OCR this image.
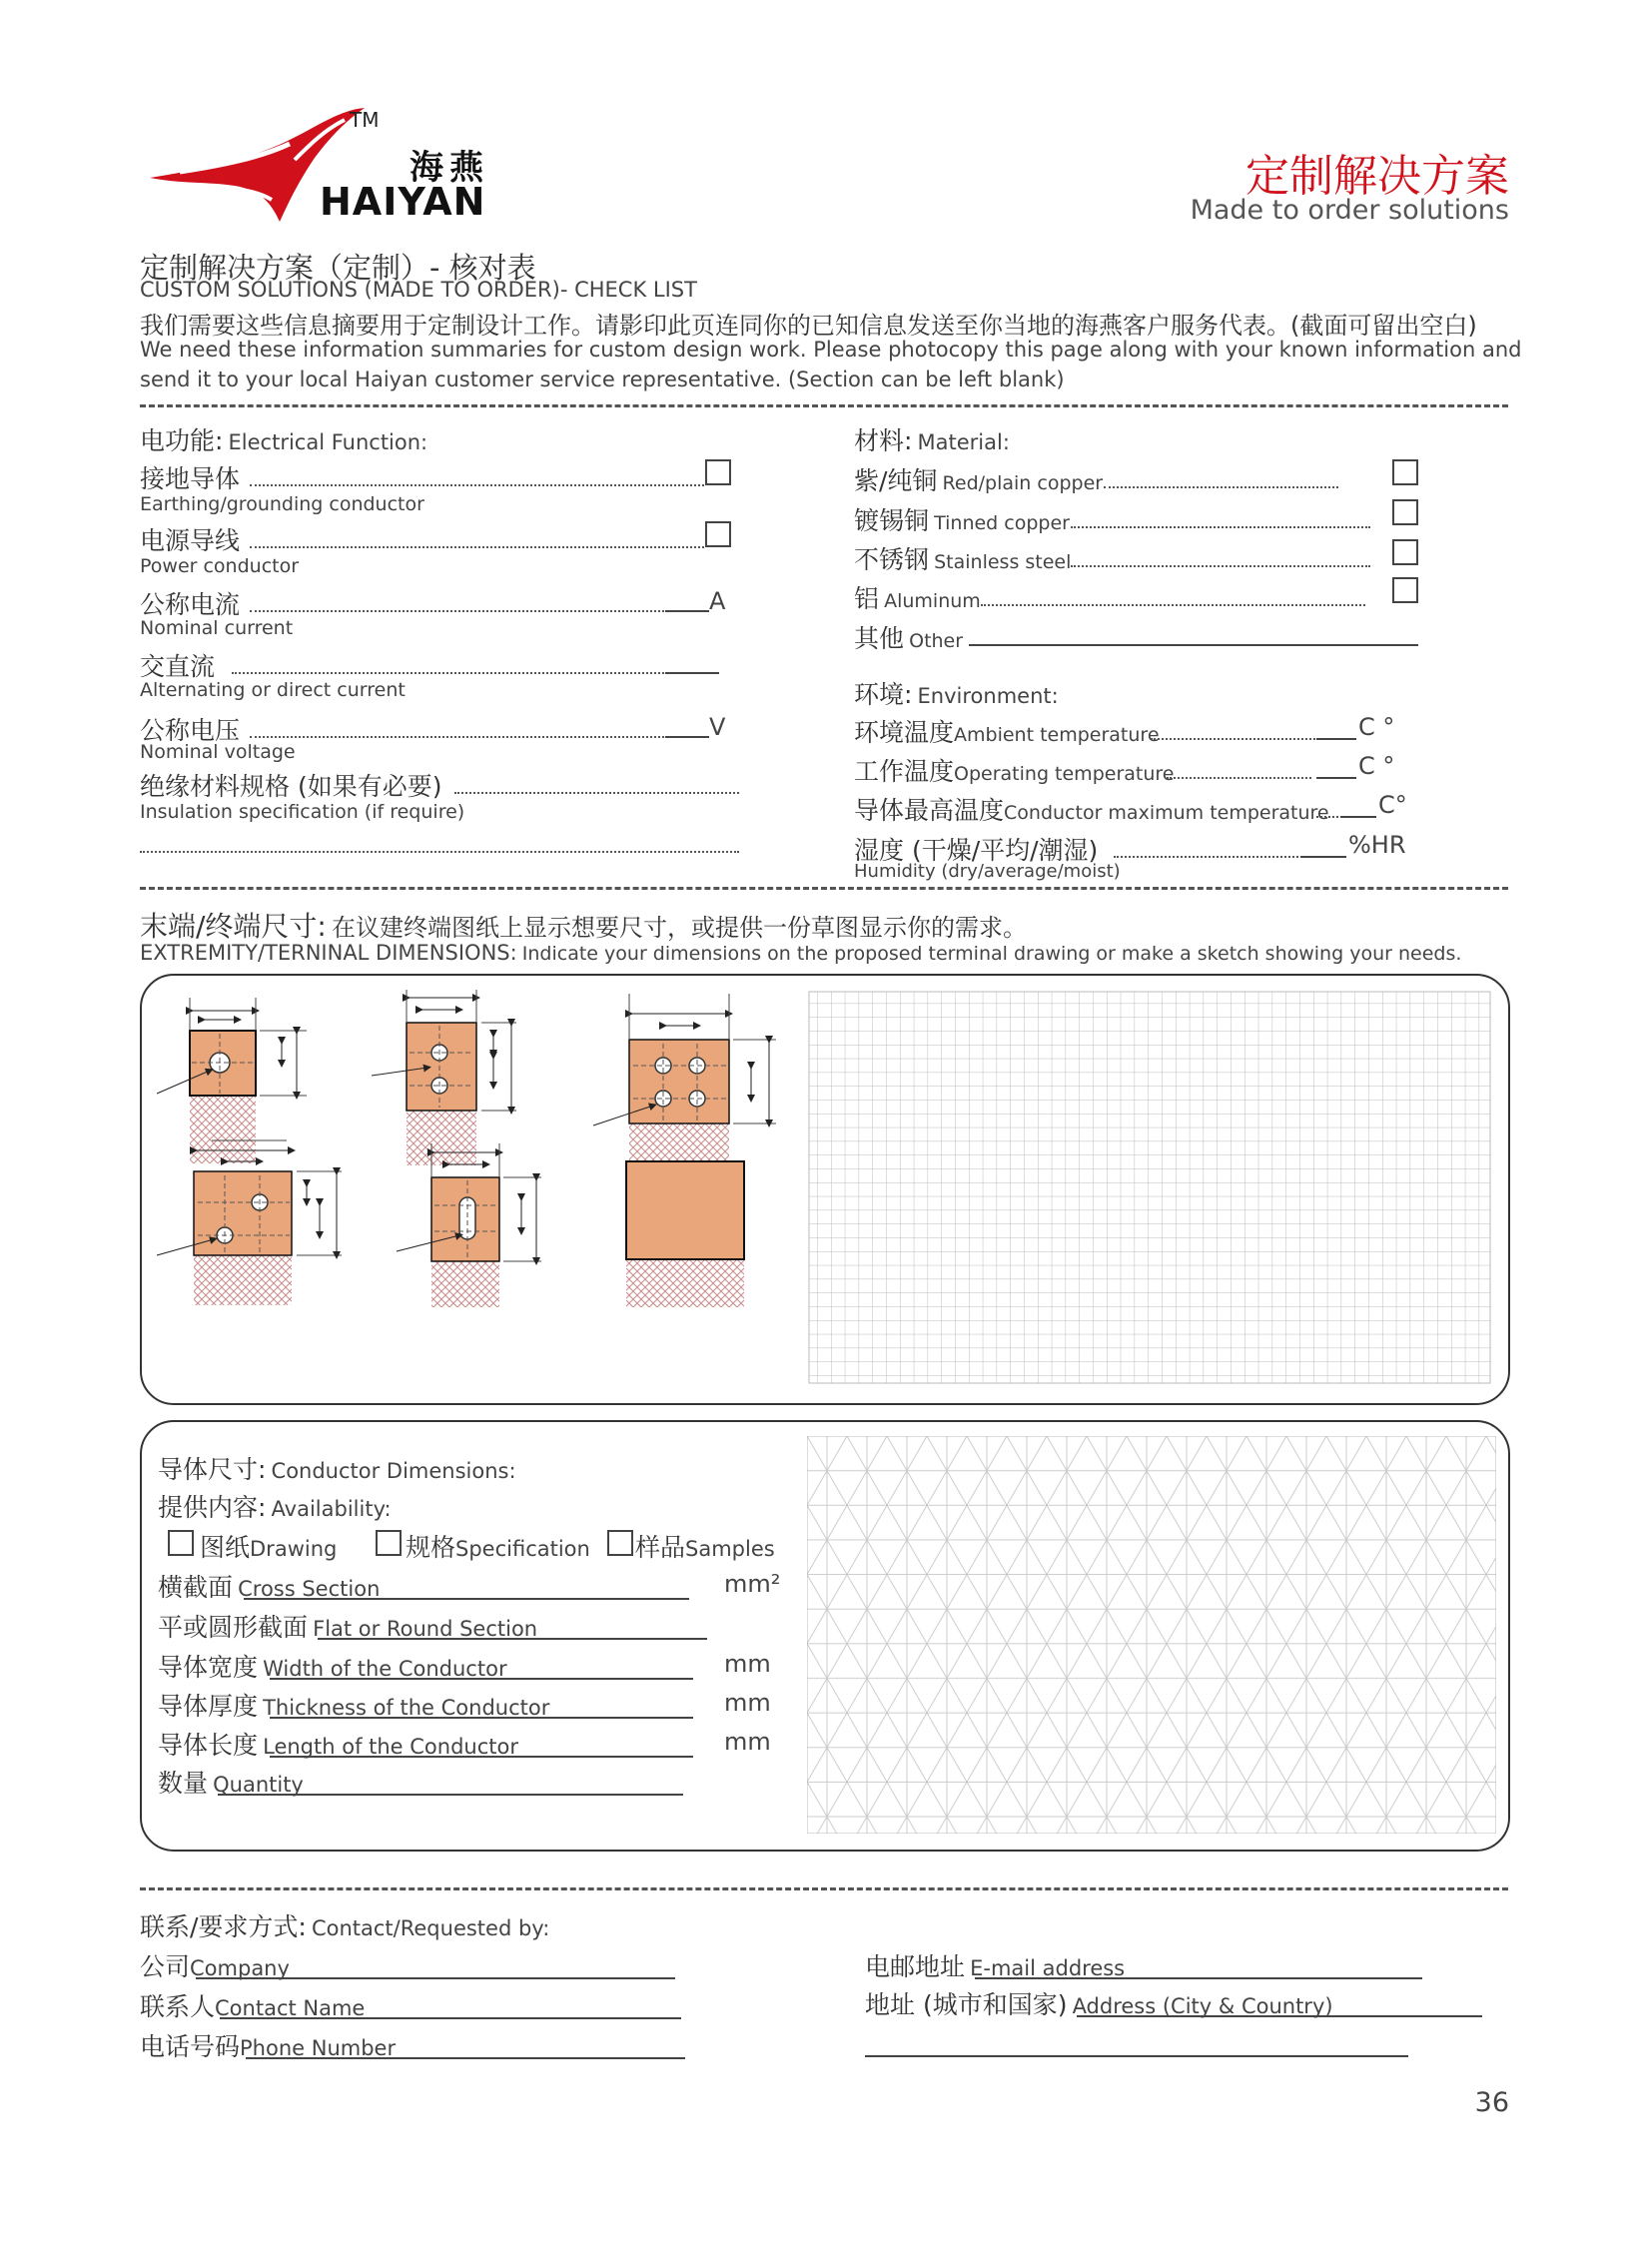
TM
海燕
HAIYAN	定制解决方案
Made to order solutions
定制解决方案（定制）- 核对表
CUSTOM SOLUTIONS (MADE TO ORDER)- CHECK LIST
我们需要这些信息摘要用于定制设计工作。请影印此页连同你的已知信息发送至你当地的海燕客户服务代表。(截面可留出空白)
We need these information summaries for custom design work. Please photocopy this page along with your known information and
send it to your local Haiyan customer service representative. (Section can be left blank)
电功能: Electrical Function:
接地导体
Earthing/grounding conductor
电源导线
Power conductor
公称电流	A
Nominal current
交直流
Alternating or direct current
公称电压	V
Nominal voltage
绝缘材料规格 (如果有必要)
Insulation specification (if require)
材料: Material:
紫/纯铜 Red/plain copper
镀锡铜 Tinned copper
不锈钢 Stainless steel
铝 Aluminum
其他 Other
环境: Environment:
环境温度Ambient temperature	C °
工作温度Operating temperature	C °
导体最高温度Conductor maximum temperature C°
湿度 (干燥/平均/潮湿)	%HR
Humidity (dry/average/moist)
末端/终端尺寸: 在议建终端图纸上显示想要尺寸，或提供一份草图显示你的需求。
EXTREMITY/TERNINAL DIMENSIONS: Indicate your dimensions on the proposed terminal drawing or make a sketch showing your needs.
导体尺寸: Conductor Dimensions:
提供内容: Availability:
图纸Drawing	规格Specification 样品Samples
横截面 Cross Section	mm²
平或圆形截面 Flat or Round Section
导体宽度 Width of the Conductor	mm
导体厚度 Thickness of the Conductor	mm
导体长度 Length of the Conductor	mm
数量 Quantity
联系/要求方式: Contact/Requested by:
公司Company
联系人Contact Name
电话号码Phone Number
电邮地址 E-mail address
地址 (城市和国家) Address (City & Country)
36
